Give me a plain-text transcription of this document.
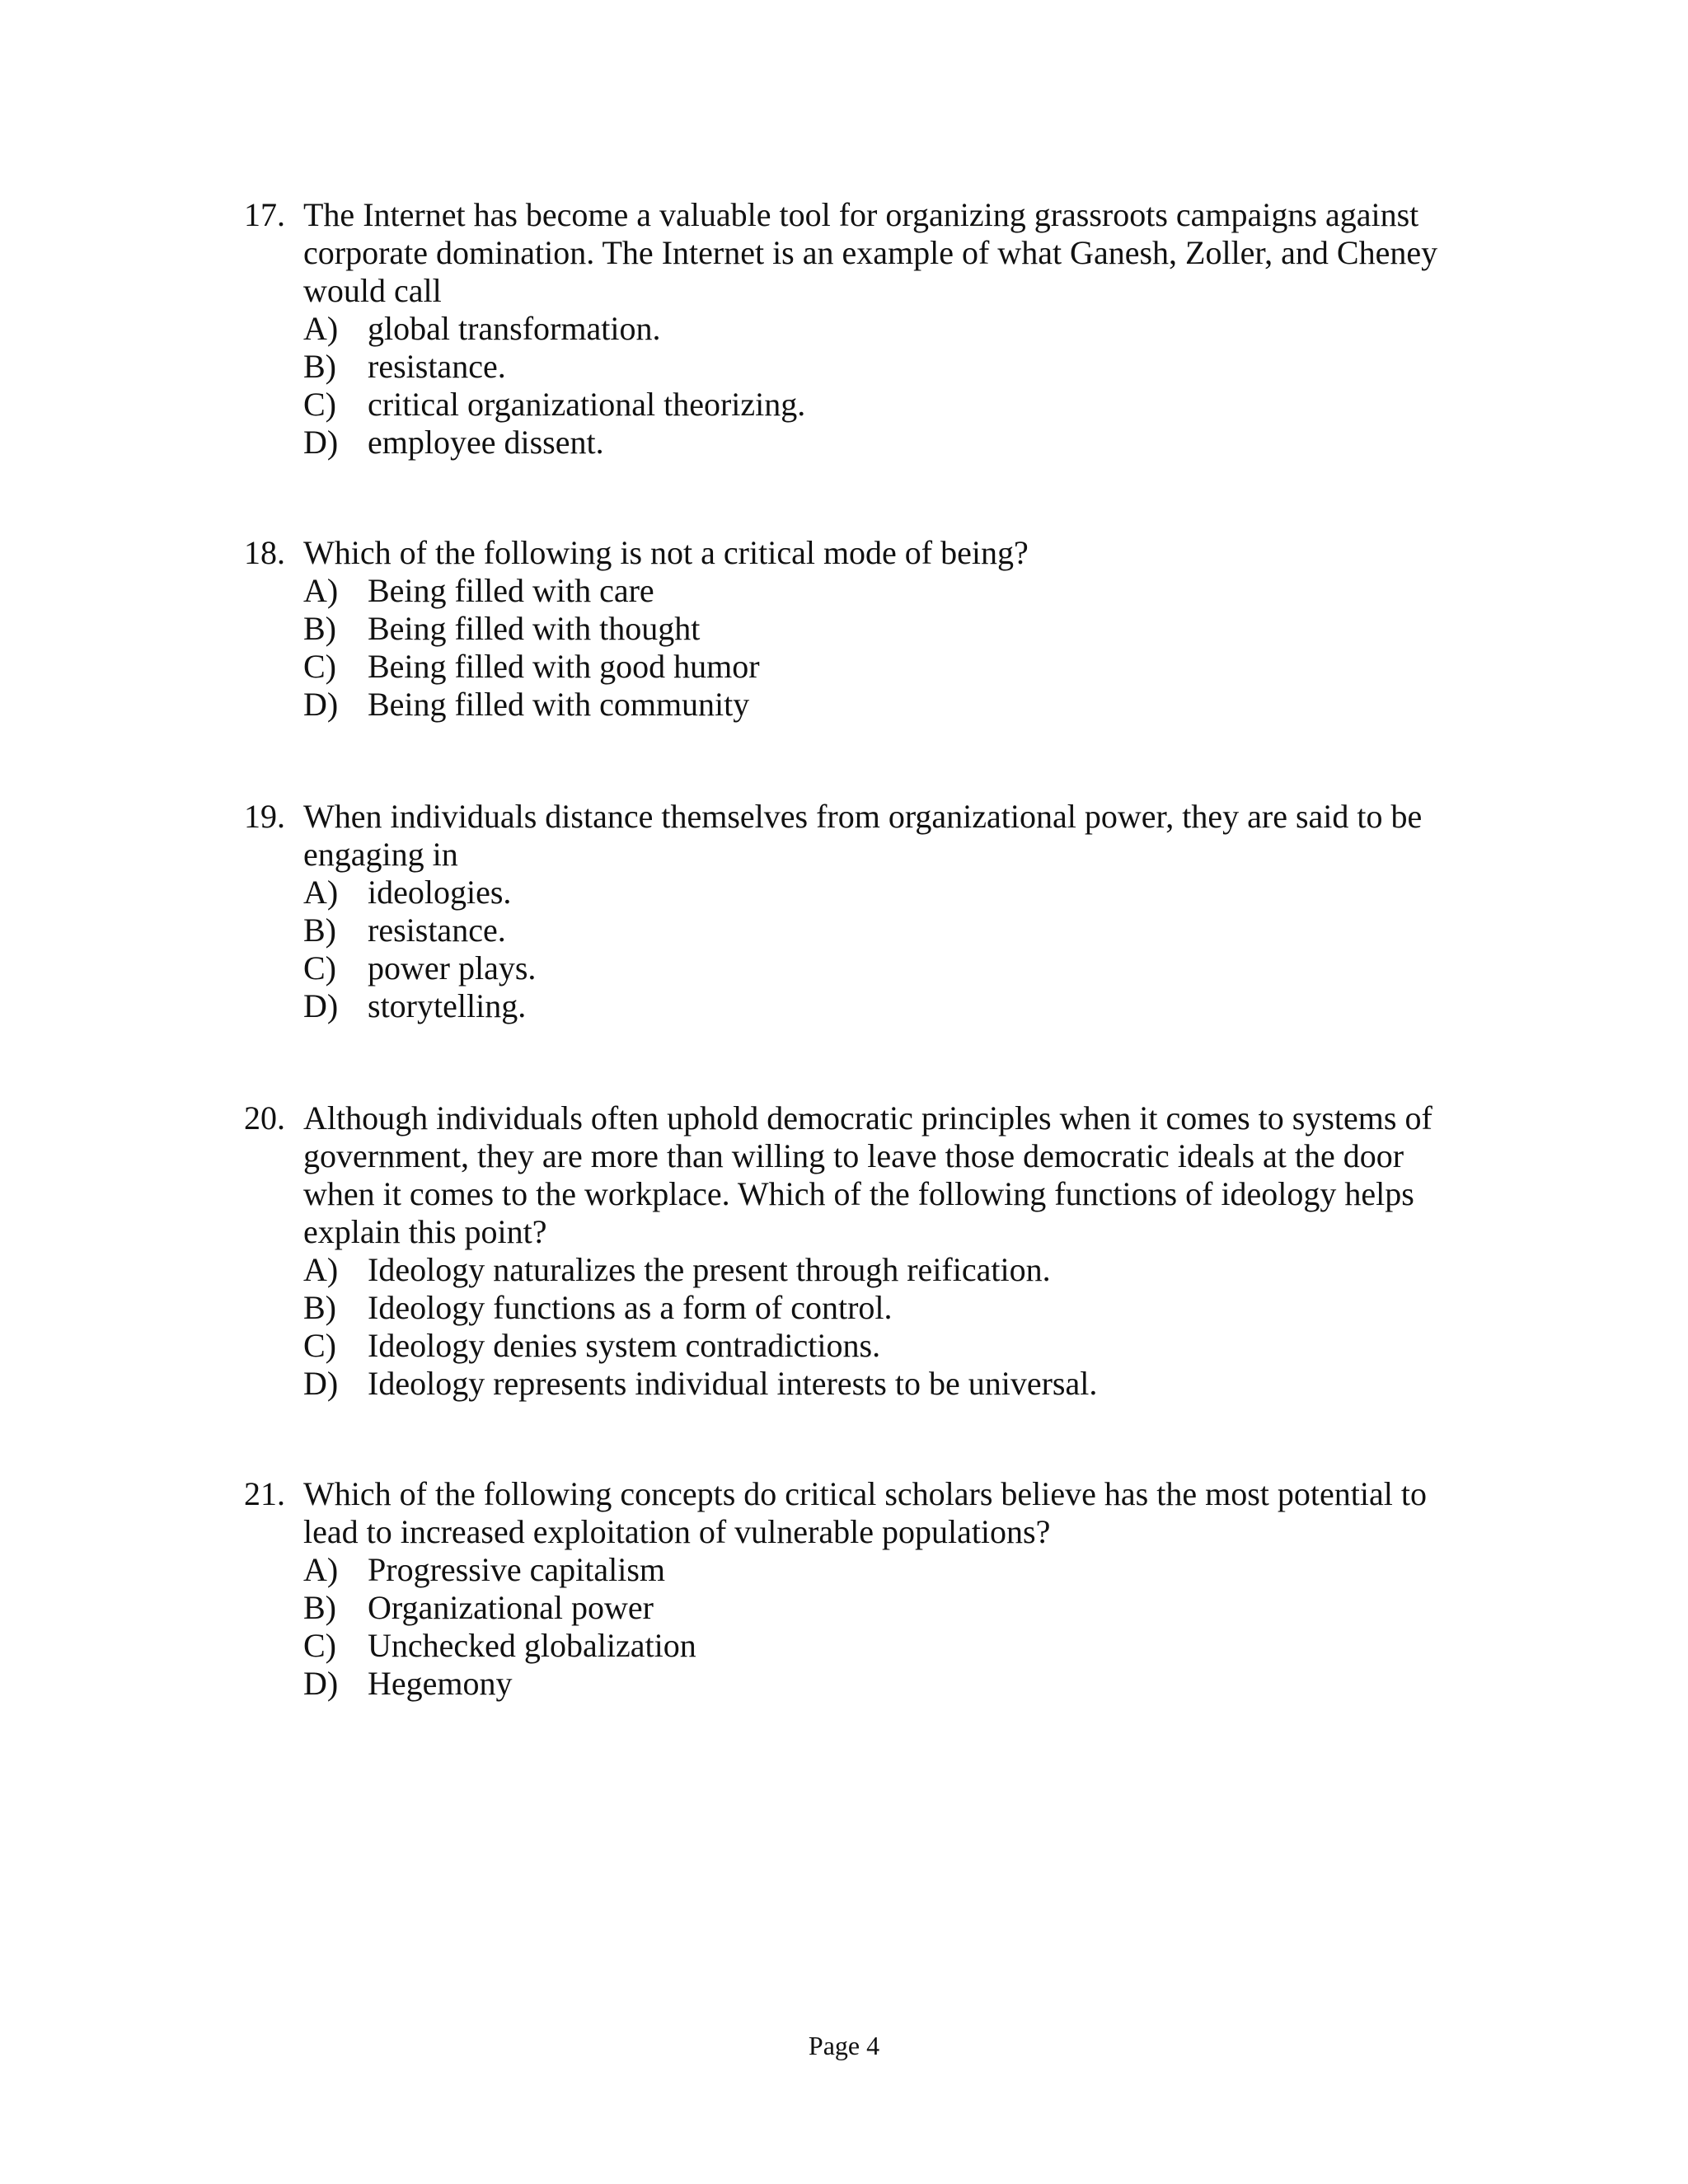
17. The Internet has become a valuable tool for organizing grassroots campaigns against corporate domination. The Internet is an example of what Ganesh, Zoller, and Cheney would call
A) global transformation.
B) resistance.
C) critical organizational theorizing.
D) employee dissent.
18. Which of the following is not a critical mode of being?
A) Being filled with care
B) Being filled with thought
C) Being filled with good humor
D) Being filled with community
19. When individuals distance themselves from organizational power, they are said to be engaging in
A) ideologies.
B) resistance.
C) power plays.
D) storytelling.
20. Although individuals often uphold democratic principles when it comes to systems of government, they are more than willing to leave those democratic ideals at the door when it comes to the workplace. Which of the following functions of ideology helps explain this point?
A) Ideology naturalizes the present through reification.
B) Ideology functions as a form of control.
C) Ideology denies system contradictions.
D) Ideology represents individual interests to be universal.
21. Which of the following concepts do critical scholars believe has the most potential to lead to increased exploitation of vulnerable populations?
A) Progressive capitalism
B) Organizational power
C) Unchecked globalization
D) Hegemony
Page 4
